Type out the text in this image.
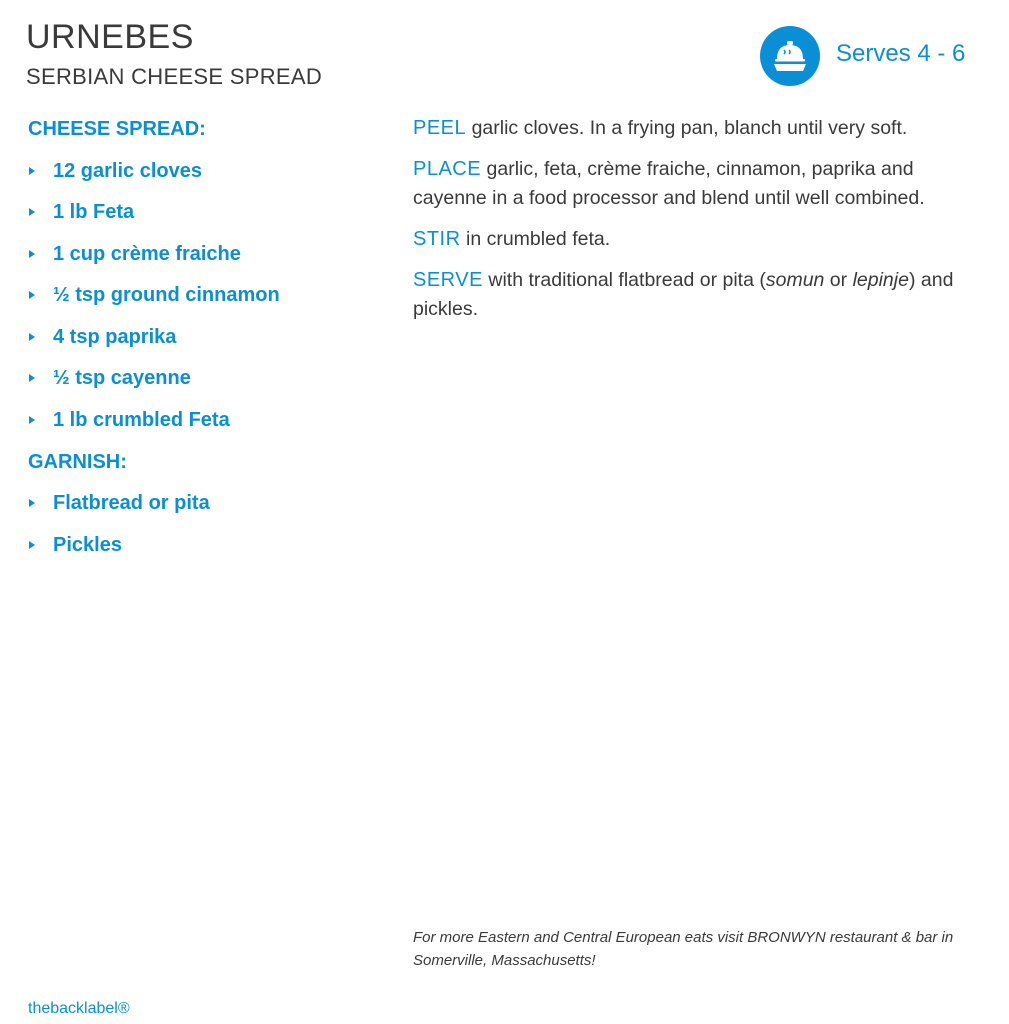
URNEBES
SERBIAN CHEESE SPREAD
Serves 4 - 6
CHEESE SPREAD:
12 garlic cloves
1 lb Feta
1 cup crème fraiche
½ tsp ground cinnamon
4 tsp paprika
½ tsp cayenne
1 lb crumbled Feta
GARNISH:
Flatbread or pita
Pickles

PEEL garlic cloves. In a frying pan, blanch until very soft.

PLACE garlic, feta, crème fraiche, cinnamon, paprika and cayenne in a food processor and blend until well combined.

STIR in crumbled feta.

SERVE with traditional flatbread or pita (somun or lepinje) and pickles.

For more Eastern and Central European eats visit BRONWYN restaurant & bar in Somerville, Massachusetts!

thebacklabel®
